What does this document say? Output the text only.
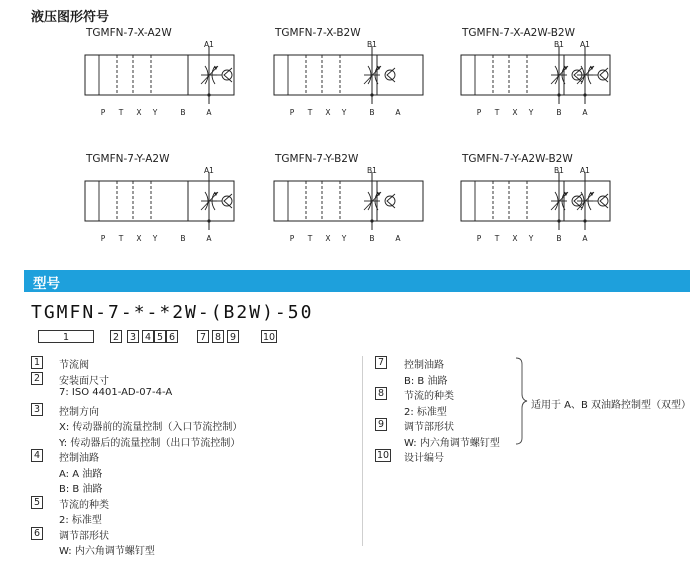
液压图形符号
TGMFN-7-X-A2W
A1
P T X Y	B	A
TGMFN-7-X-B2W
B1
P T X Y	B	A
TGMFN-7-X-A2W-B2W
B1 A1
P T X Y	B	A
TGMFN-7-Y-A2W
A1
P T X Y	B	A
TGMFN-7-Y-B2W
B1
P T X Y	B	A
TGMFN-7-Y-A2W-B2W
B1 A1
P T X Y	B	A
型号
TGMFN-7-*-*2W-(B2W)-50
1	2	3 4 5 6	7 8 9	10
1 节流阀
2 安装面尺寸
7: ISO 4401-AD-07-4-A
3 控制方向
X: 传动器前的流量控制（入口节流控制）
Y: 传动器后的流量控制（出口节流控制）
4 控制油路
A: A 油路
B: B 油路
5 节流的种类
2: 标准型
6 调节部形状
W: 内六角调节螺钉型
7 控制油路
B: B 油路
8 节流的种类
2: 标准型
9 调节部形状
W: 内六角调节螺钉型
10 设计编号
适用于 A、B 双油路控制型（双型）
